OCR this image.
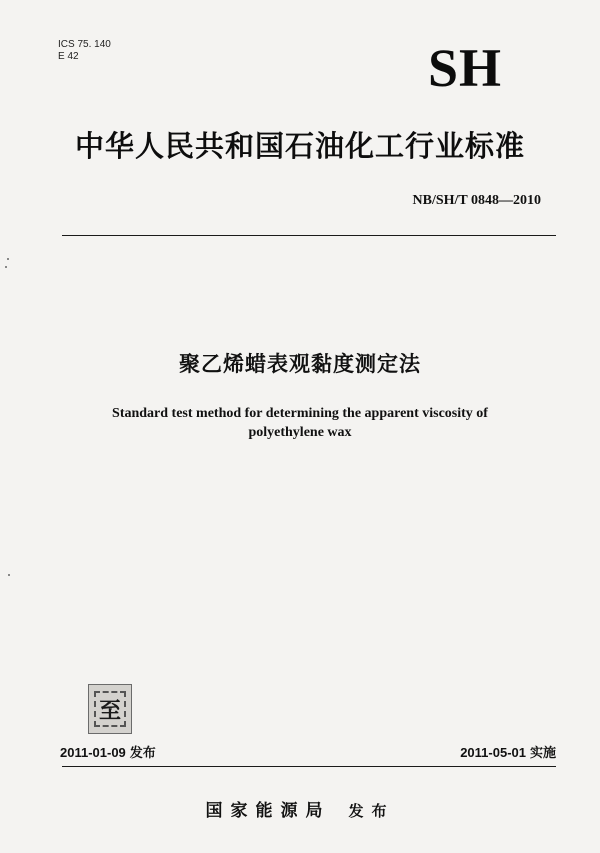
ICS 75. 140
E 42	SH
中华人民共和国石油化工行业标准
NB/SH/T 0848—2010
聚乙烯蜡表观黏度测定法
Standard test method for determining the apparent viscosity of
polyethylene wax
至
2011-01-09 发布	2011-05-01 实施
国家能源局 发布
